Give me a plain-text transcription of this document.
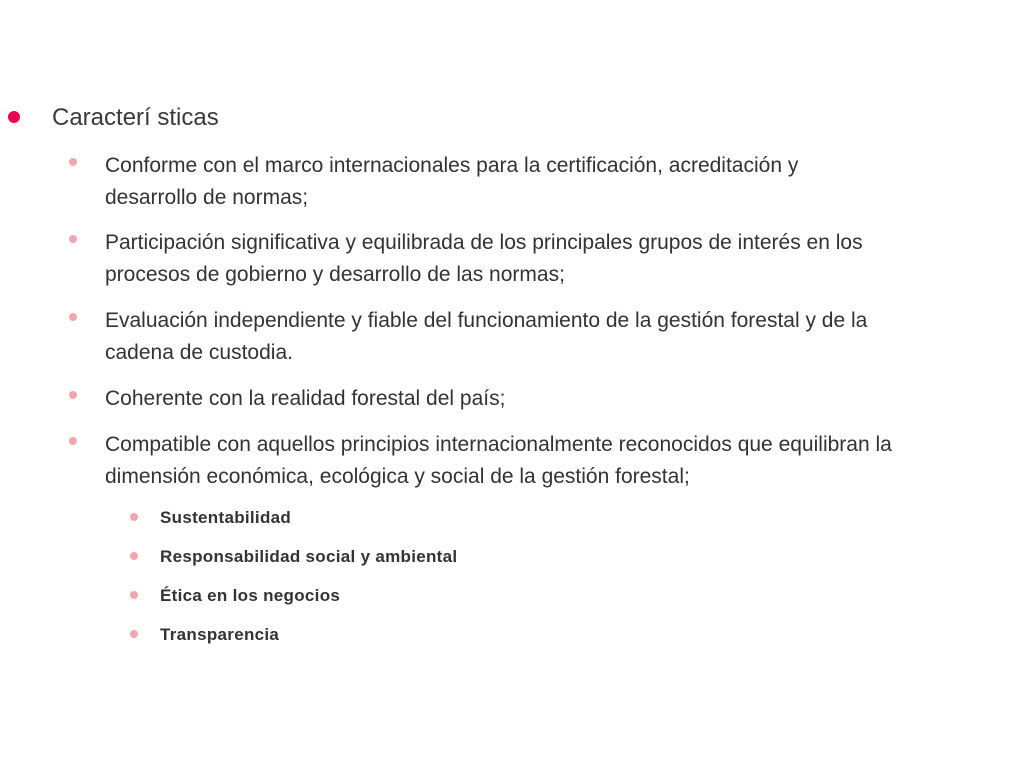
Caracterí sticas
Conforme con el marco internacionales para la certificación, acreditación y
desarrollo de normas;
Participación significativa y equilibrada de los principales grupos de interés en los
procesos de gobierno y desarrollo de las normas;
Evaluación independiente y fiable del funcionamiento de la gestión forestal y de la
cadena de custodia.
Coherente con la realidad forestal del país;
Compatible con aquellos principios internacionalmente reconocidos que equilibran la
dimensión económica, ecológica y social de la gestión forestal;
Sustentabilidad
Responsabilidad social y ambiental
Ética en los negocios
Transparencia
